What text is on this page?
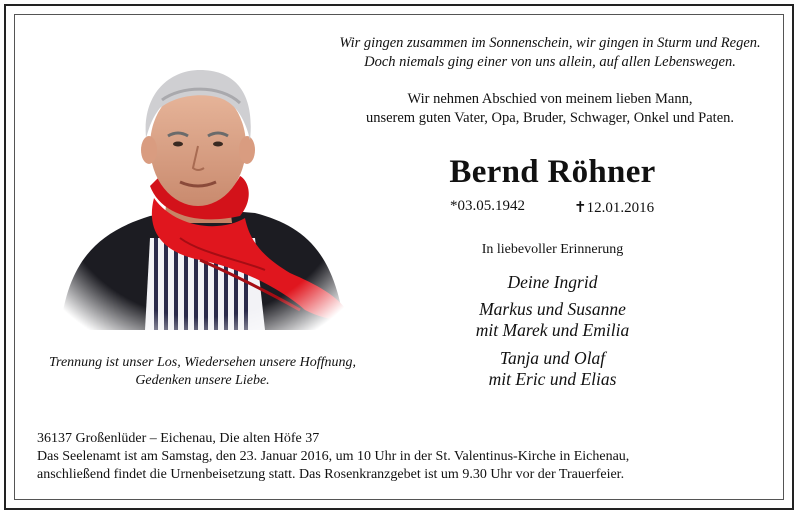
Wir gingen zusammen im Sonnenschein, wir gingen in Sturm und Regen.
Doch niemals ging einer von uns allein, auf allen Lebenswegen.
Wir nehmen Abschied von meinem lieben Mann,
unserem guten Vater, Opa, Bruder, Schwager, Onkel und Paten.
Bernd Röhner
*03.05.1942	✝12.01.2016
In liebevoller Erinnerung
Deine Ingrid
Markus und Susanne
mit Marek und Emilia
Tanja und Olaf
mit Eric und Elias
Trennung ist unser Los, Wiedersehen unsere Hoffnung,
Gedenken unsere Liebe.
36137 Großenlüder – Eichenau, Die alten Höfe 37
Das Seelenamt ist am Samstag, den 23. Januar 2016, um 10 Uhr in der St. Valentinus-Kirche in Eichenau,
anschließend findet die Urnenbeisetzung statt. Das Rosenkranzgebet ist um 9.30 Uhr vor der Trauerfeier.
